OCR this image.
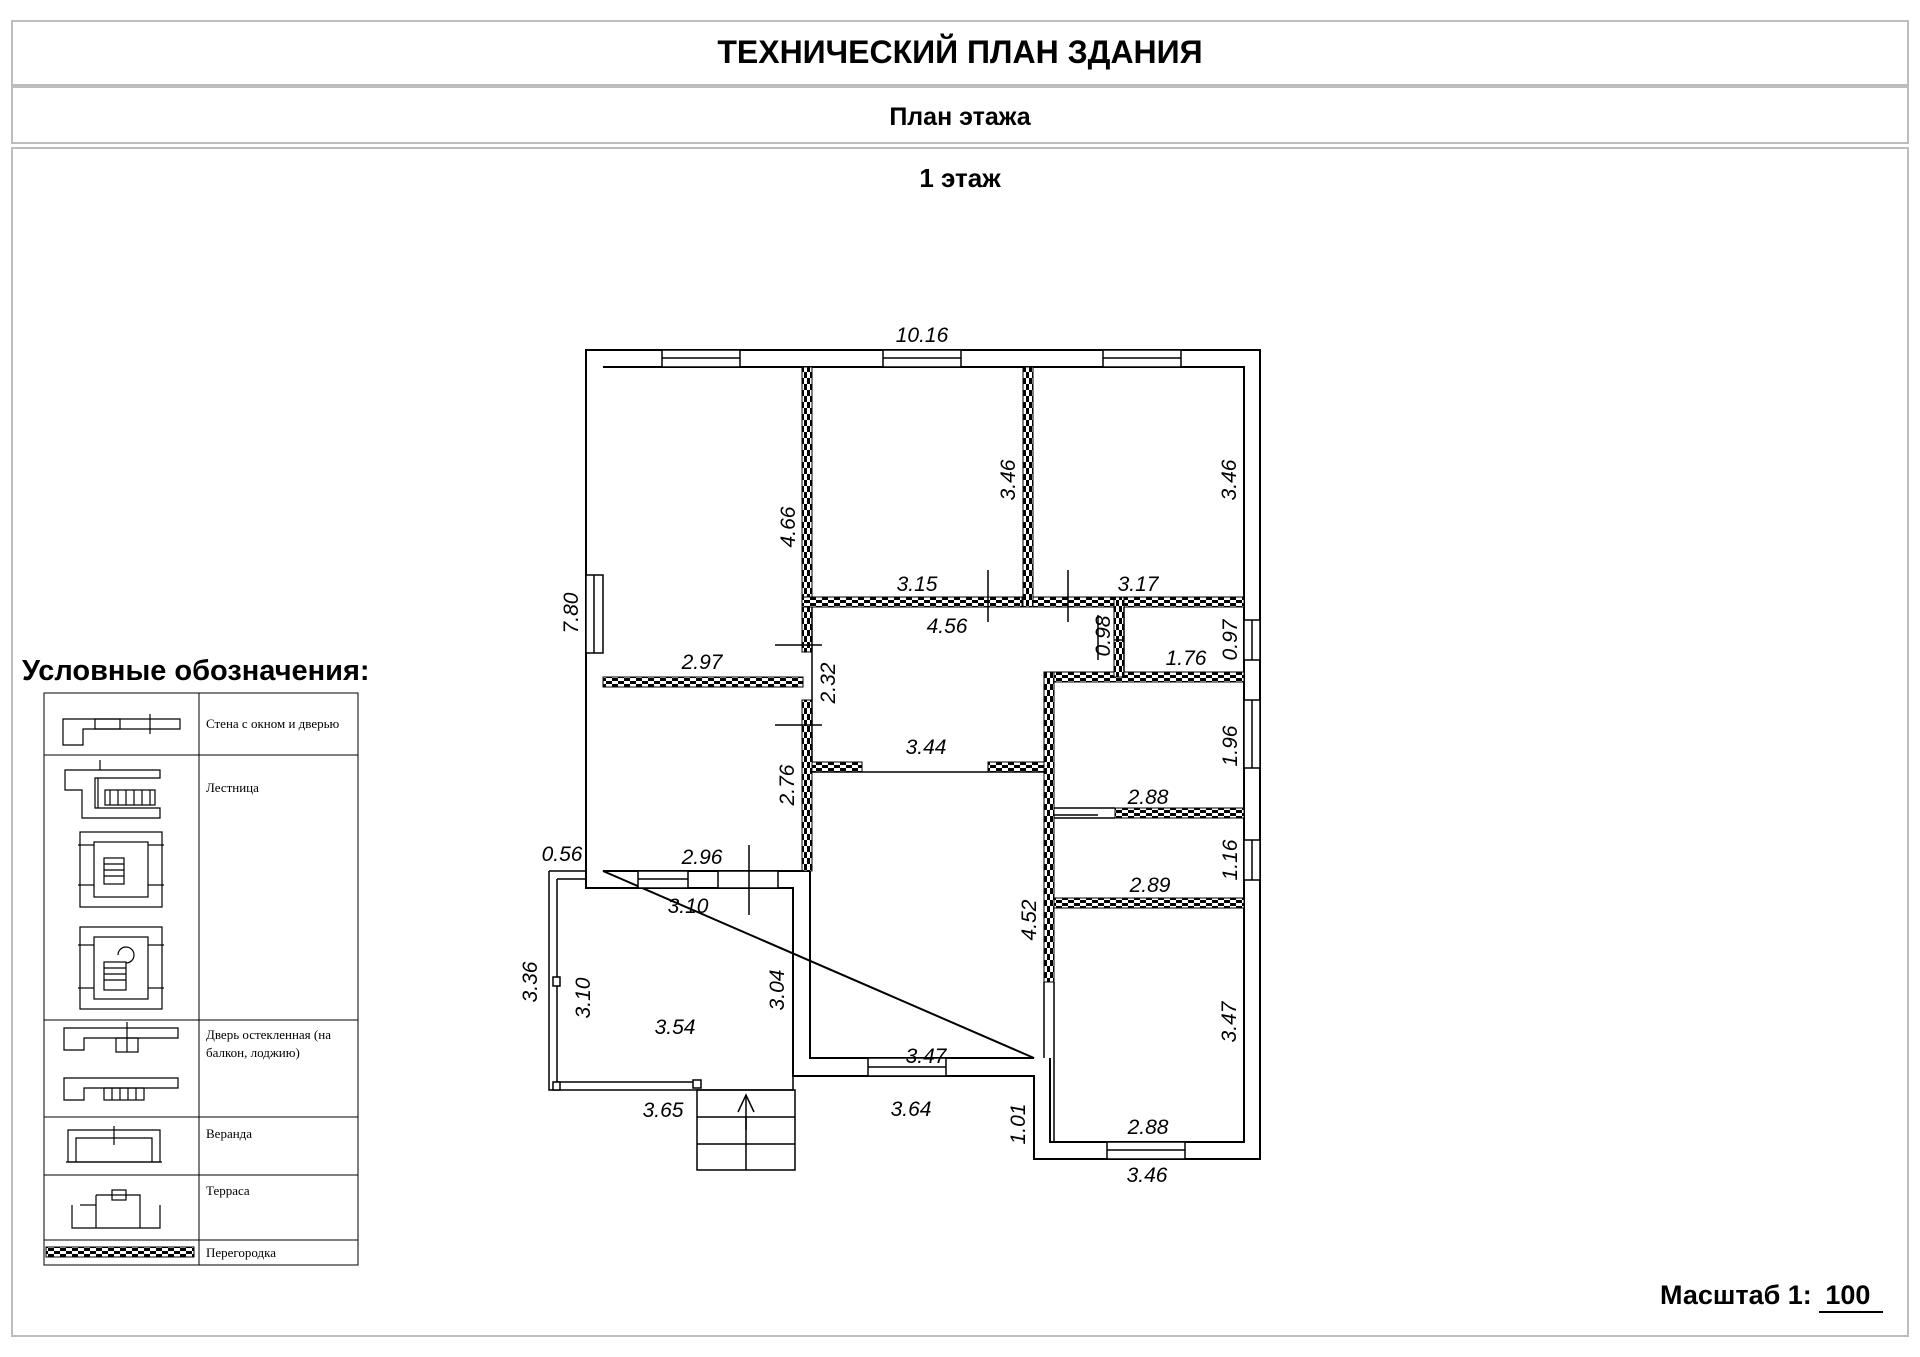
ТЕХНИЧЕСКИЙ ПЛАН ЗДАНИЯ
План этажа
1 этаж
10.16
7.80
4.66
2.97
3.46
3.15
3.46
3.17
4.56
2.32
0.98	0.97
1.76
3.44	1.96
2.88
1.16
2.89
2.76
2.96
0.56
3.10
3.36 3.10
3.54
3.04
3.65
4.52
3.47
3.64
3.47
2.88
1.01
3.46
Стена с окном и дверью
Лестница
Дверь остекленная (на балкон, лоджию)
Веранда
Терраса
Перегородка
Условные обозначения:
Масштаб 1: 100
